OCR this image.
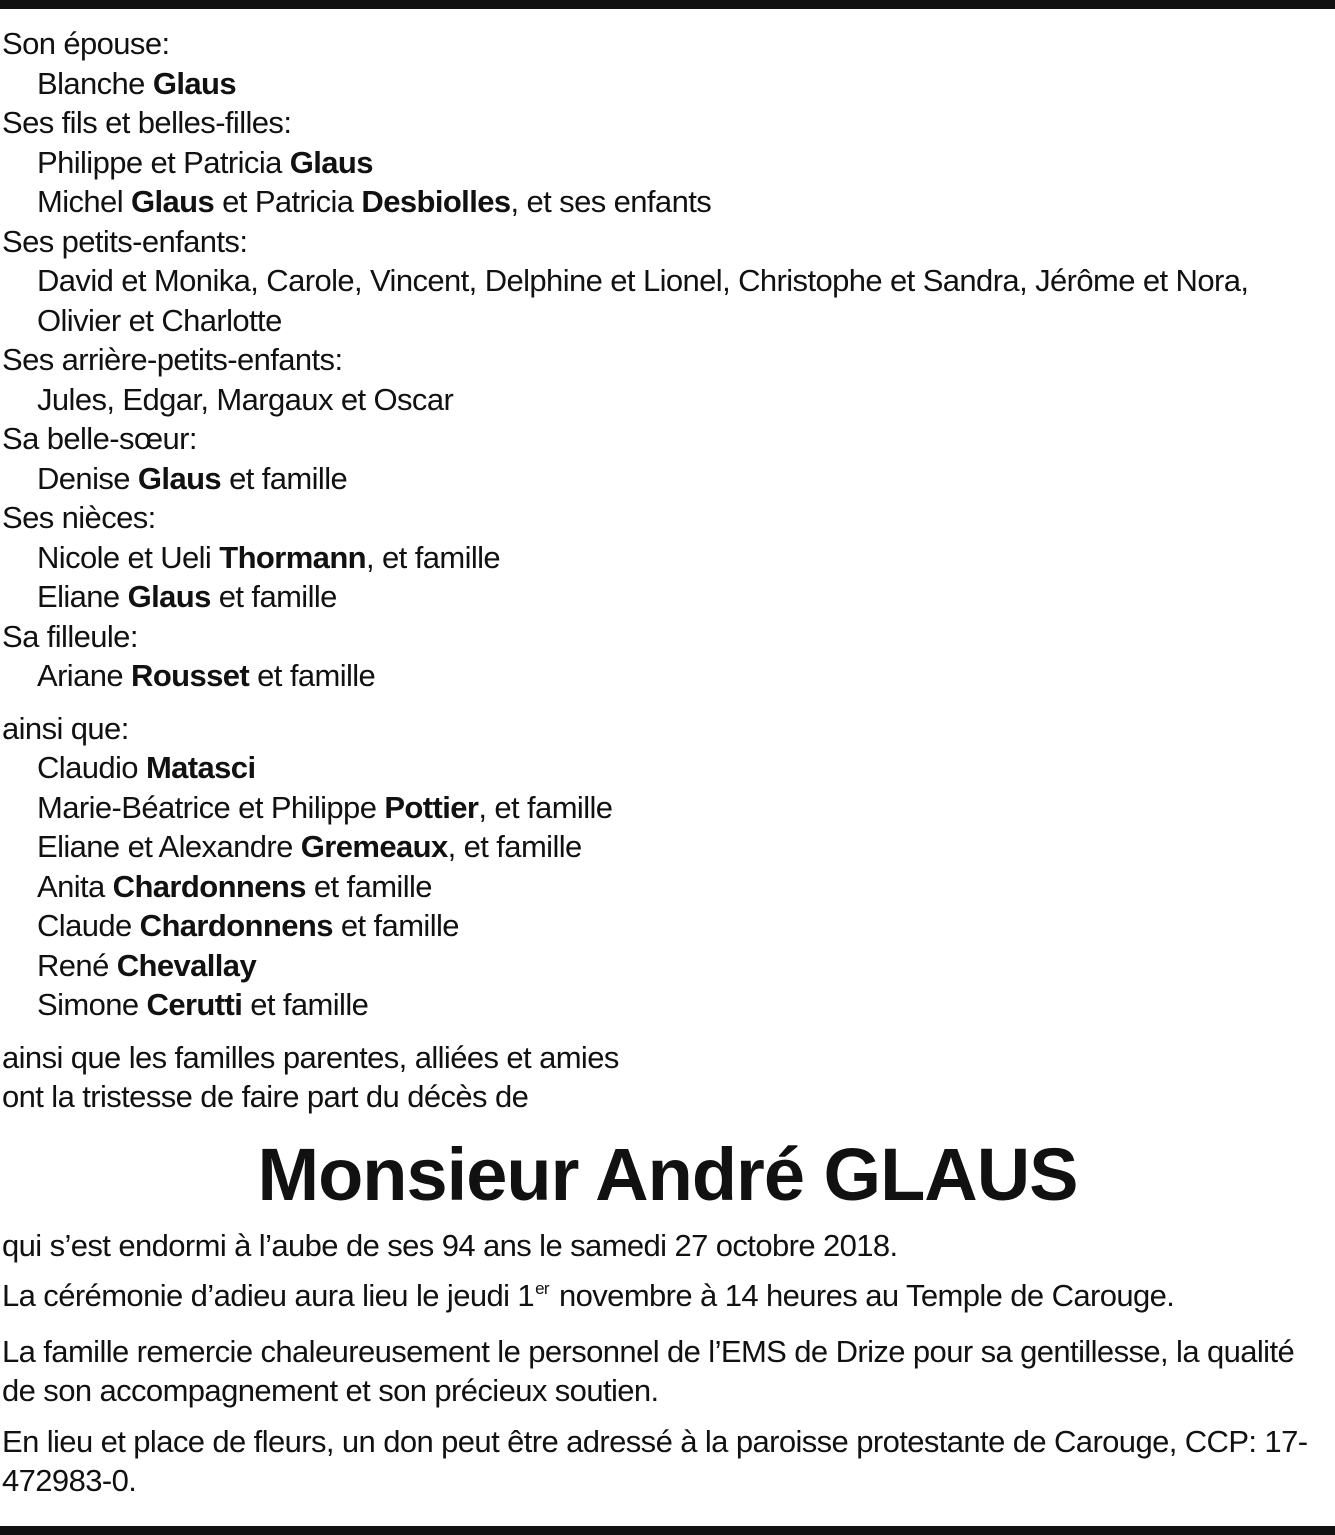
Son épouse:
Blanche Glaus
Ses fils et belles-filles:
Philippe et Patricia Glaus
Michel Glaus et Patricia Desbiolles, et ses enfants
Ses petits-enfants:
David et Monika, Carole, Vincent, Delphine et Lionel, Christophe et Sandra, Jérôme et Nora, Olivier et Charlotte
Ses arrière-petits-enfants:
Jules, Edgar, Margaux et Oscar
Sa belle-sœur:
Denise Glaus et famille
Ses nièces:
Nicole et Ueli Thormann, et famille
Eliane Glaus et famille
Sa filleule:
Ariane Rousset et famille
ainsi que:
Claudio Matasci
Marie-Béatrice et Philippe Pottier, et famille
Eliane et Alexandre Gremeaux, et famille
Anita Chardonnens et famille
Claude Chardonnens et famille
René Chevallay
Simone Cerutti et famille
ainsi que les familles parentes, alliées et amies
ont la tristesse de faire part du décès de
Monsieur André GLAUS
qui s’est endormi à l’aube de ses 94 ans le samedi 27 octobre 2018.
La cérémonie d’adieu aura lieu le jeudi 1er novembre à 14 heures au Temple de Carouge.
La famille remercie chaleureusement le personnel de l’EMS de Drize pour sa gentillesse, la qualité de son accompagnement et son précieux soutien.
En lieu et place de fleurs, un don peut être adressé à la paroisse protestante de Carouge, CCP: 17-472983-0.
